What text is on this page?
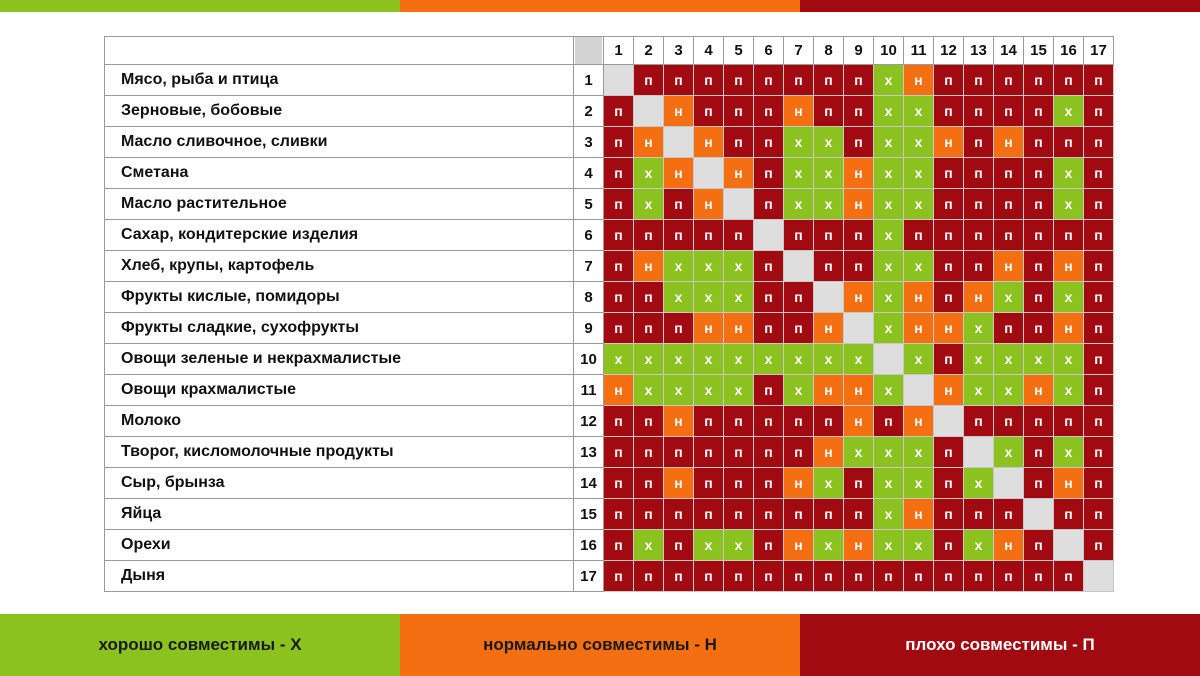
	1	2	3	4	5	6	7	8	9	10	11	12	13	14	15	16	17
Мясо, рыба и птица	1		п	п	п	п	п	п	п	п	х	н	п	п	п	п	п	п
Зерновые, бобовые	2	п		н	п	п	п	н	п	п	х	х	п	п	п	п	х	п
Масло сливочное, сливки	3	п	н		н	п	п	х	х	п	х	х	н	п	н	п	п	п
Сметана	4	п	х	н		н	п	х	х	н	х	х	п	п	п	п	х	п
Масло растительное	5	п	х	п	н		п	х	х	н	х	х	п	п	п	п	х	п
Сахар, кондитерские изделия	6	п	п	п	п	п		п	п	п	х	п	п	п	п	п	п	п
Хлеб, крупы, картофель	7	п	н	х	х	х	п		п	п	х	х	п	п	н	п	н	п
Фрукты кислые, помидоры	8	п	п	х	х	х	п	п		н	х	н	п	н	х	п	х	п
Фрукты сладкие, сухофрукты	9	п	п	п	н	н	п	п	н		х	н	н	х	п	п	н	п
Овощи зеленые и некрахмалистые	10	х	х	х	х	х	х	х	х	х		х	п	х	х	х	х	п
Овощи крахмалистые	11	н	х	х	х	х	п	х	н	н	х		н	х	х	н	х	п
Молоко	12	п	п	н	п	п	п	п	п	н	п	н		п	п	п	п	п
Творог, кисломолочные продукты	13	п	п	п	п	п	п	п	н	х	х	х	п		х	п	х	п
Сыр, брынза	14	п	п	н	п	п	п	н	х	п	х	х	п	х		п	н	п
Яйца	15	п	п	п	п	п	п	п	п	п	х	н	п	п	п		п	п
Орехи	16	п	х	п	х	х	п	н	х	н	х	х	п	х	н	п		п
Дыня	17	п	п	п	п	п	п	п	п	п	п	п	п	п	п	п	п	
хорошо совместимы - Х	нормально совместимы - Н	плохо совместимы - П
